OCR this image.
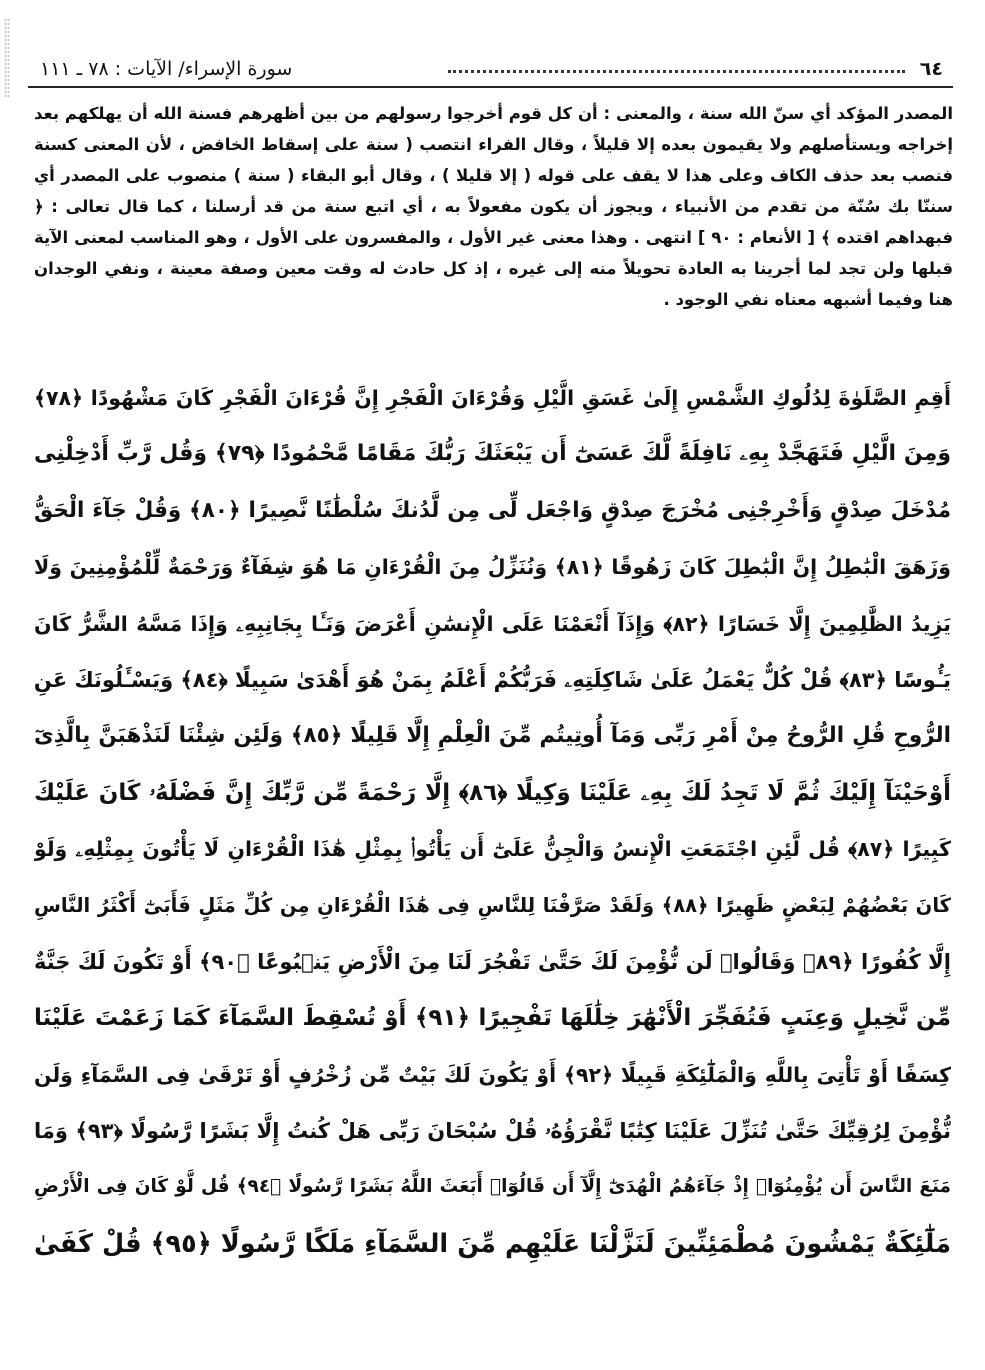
٦٤
سورة الإسراء/ الآيات : ٧٨ ـ ١١١

المصدر المؤكد أي سنّ الله سنة ، والمعنى : أن كل قوم أخرجوا رسولهم من بين أظهرهم فسنة الله أن يهلكهم بعد إخراجه ويستأصلهم ولا يقيمون بعده إلا قليلاً ، وقال الفراء انتصب ( سنة على إسقاط الخافض ، لأن المعنى كسنة فنصب بعد حذف الكاف وعلى هذا لا يقف على قوله ( إلا قليلا ) ، وقال أبو البقاء ( سنة ) منصوب على المصدر أي سننّا بك سُنّة من تقدم من الأنبياء ، ويجوز أن يكون مفعولاً به ، أي اتبع سنة من قد أرسلنا ، كما قال تعالى : ﴿ فبهداهم اقتده ﴾ [ الأنعام : ٩٠ ] انتهى . وهذا معنى غير الأول ، والمفسرون على الأول ، وهو المناسب لمعنى الآية قبلها ولن تجد لما أجرينا به العادة تحويلاً منه إلى غيره ، إذ كل حادث له وقت معين وصفة معينة ، ونفي الوجدان هنا وفيما أشبهه معناه نفي الوجود .

أَقِمِ الصَّلَوٰةَ لِدُلُوكِ الشَّمْسِ إِلَىٰ غَسَقِ الَّيْلِ وَقُرْءَانَ الْفَجْرِ إِنَّ قُرْءَانَ الْفَجْرِ كَانَ مَشْهُودًا ﴿٧٨﴾
وَمِنَ الَّيْلِ فَتَهَجَّدْ بِهِۦ نَافِلَةً لَّكَ عَسَىٰٓ أَن يَبْعَثَكَ رَبُّكَ مَقَامًا مَّحْمُودًا ﴿٧٩﴾ وَقُل رَّبِّ أَدْخِلْنِى
مُدْخَلَ صِدْقٍ وَأَخْرِجْنِى مُخْرَجَ صِدْقٍ وَاجْعَل لِّى مِن لَّدُنكَ سُلْطَٰنًا نَّصِيرًا ﴿٨٠﴾ وَقُلْ جَآءَ الْحَقُّ
وَزَهَقَ الْبَٰطِلُ إِنَّ الْبَٰطِلَ كَانَ زَهُوقًا ﴿٨١﴾ وَنُنَزِّلُ مِنَ الْقُرْءَانِ مَا هُوَ شِفَآءٌ وَرَحْمَةٌ لِّلْمُؤْمِنِينَ وَلَا
يَزِيدُ الظَّٰلِمِينَ إِلَّا خَسَارًا ﴿٨٢﴾ وَإِذَآ أَنْعَمْنَا عَلَى الْإِنسَٰنِ أَعْرَضَ وَنَـَٔا بِجَانِبِهِۦ وَإِذَا مَسَّهُ الشَّرُّ كَانَ
يَـُٔوسًا ﴿٨٣﴾ قُلْ كُلٌّ يَعْمَلُ عَلَىٰ شَاكِلَتِهِۦ فَرَبُّكُمْ أَعْلَمُ بِمَنْ هُوَ أَهْدَىٰ سَبِيلًا ﴿٨٤﴾ وَيَسْـَٔلُونَكَ عَنِ
الرُّوحِ قُلِ الرُّوحُ مِنْ أَمْرِ رَبِّى وَمَآ أُوتِيتُم مِّنَ الْعِلْمِ إِلَّا قَلِيلًا ﴿٨٥﴾ وَلَئِن شِئْنَا لَنَذْهَبَنَّ بِالَّذِىٓ
أَوْحَيْنَآ إِلَيْكَ ثُمَّ لَا تَجِدُ لَكَ بِهِۦ عَلَيْنَا وَكِيلًا ﴿٨٦﴾ إِلَّا رَحْمَةً مِّن رَّبِّكَ إِنَّ فَضْلَهُۥ كَانَ عَلَيْكَ
كَبِيرًا ﴿٨٧﴾ قُل لَّئِنِ اجْتَمَعَتِ الْإِنسُ وَالْجِنُّ عَلَىٰٓ أَن يَأْتُوا۟ بِمِثْلِ هَٰذَا الْقُرْءَانِ لَا يَأْتُونَ بِمِثْلِهِۦ وَلَوْ
كَانَ بَعْضُهُمْ لِبَعْضٍ ظَهِيرًا ﴿٨٨﴾ وَلَقَدْ صَرَّفْنَا لِلنَّاسِ فِى هَٰذَا الْقُرْءَانِ مِن كُلِّ مَثَلٍ فَأَبَىٰٓ أَكْثَرُ النَّاسِ
إِلَّا كُفُورًا ﴿٨٩﴾ وَقَالُوا۟ لَن نُّؤْمِنَ لَكَ حَتَّىٰ تَفْجُرَ لَنَا مِنَ الْأَرْضِ يَنۢبُوعًا ﴿٩٠﴾ أَوْ تَكُونَ لَكَ جَنَّةٌ
مِّن نَّخِيلٍ وَعِنَبٍ فَتُفَجِّرَ الْأَنْهَٰرَ خِلَٰلَهَا تَفْجِيرًا ﴿٩١﴾ أَوْ تُسْقِطَ السَّمَآءَ كَمَا زَعَمْتَ عَلَيْنَا
كِسَفًا أَوْ تَأْتِىَ بِاللَّهِ وَالْمَلَٰٓئِكَةِ قَبِيلًا ﴿٩٢﴾ أَوْ يَكُونَ لَكَ بَيْتٌ مِّن زُخْرُفٍ أَوْ تَرْقَىٰ فِى السَّمَآءِ وَلَن
نُّؤْمِنَ لِرُقِيِّكَ حَتَّىٰ تُنَزِّلَ عَلَيْنَا كِتَٰبًا نَّقْرَؤُهُۥ قُلْ سُبْحَانَ رَبِّى هَلْ كُنتُ إِلَّا بَشَرًا رَّسُولًا ﴿٩٣﴾ وَمَا
مَنَعَ النَّاسَ أَن يُؤْمِنُوٓا۟ إِذْ جَآءَهُمُ الْهُدَىٰٓ إِلَّآ أَن قَالُوٓا۟ أَبَعَثَ اللَّهُ بَشَرًا رَّسُولًا ﴿٩٤﴾ قُل لَّوْ كَانَ فِى الْأَرْضِ
مَلَٰٓئِكَةٌ يَمْشُونَ مُطْمَئِنِّينَ لَنَزَّلْنَا عَلَيْهِم مِّنَ السَّمَآءِ مَلَكًا رَّسُولًا ﴿٩٥﴾ قُلْ كَفَىٰ
